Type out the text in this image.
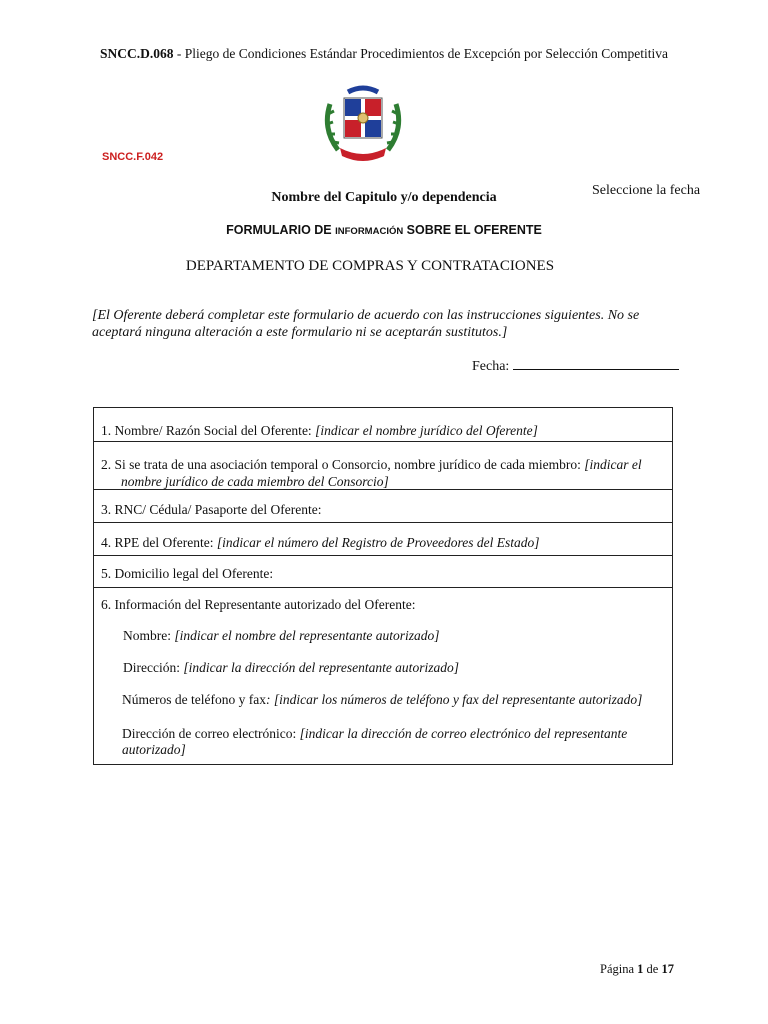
SNCC.D.068 - Pliego de Condiciones Estándar Procedimientos de Excepción por Selección Competitiva
SNCC.F.042
Nombre del Capitulo y/o dependencia	Seleccione la fecha
FORMULARIO DE INFORMACIÓN SOBRE EL OFERENTE
DEPARTAMENTO DE COMPRAS Y CONTRATACIONES
[El Oferente deberá completar este formulario de acuerdo con las instrucciones siguientes. No se
aceptará ninguna alteración a este formulario ni se aceptarán sustitutos.]
Fecha:
1. Nombre/ Razón Social del Oferente: [indicar el nombre jurídico del Oferente]
2. Si se trata de una asociación temporal o Consorcio, nombre jurídico de cada miembro: [indicar el
nombre jurídico de cada miembro del Consorcio]
3. RNC/ Cédula/ Pasaporte del Oferente:
4. RPE del Oferente: [indicar el número del Registro de Proveedores del Estado]
5. Domicilio legal del Oferente:
6. Información del Representante autorizado del Oferente:
Nombre: [indicar el nombre del representante autorizado]
Dirección: [indicar la dirección del representante autorizado]
Números de teléfono y fax: [indicar los números de teléfono y fax del representante autorizado]
Dirección de correo electrónico: [indicar la dirección de correo electrónico del representante
autorizado]
Página 1 de 17
